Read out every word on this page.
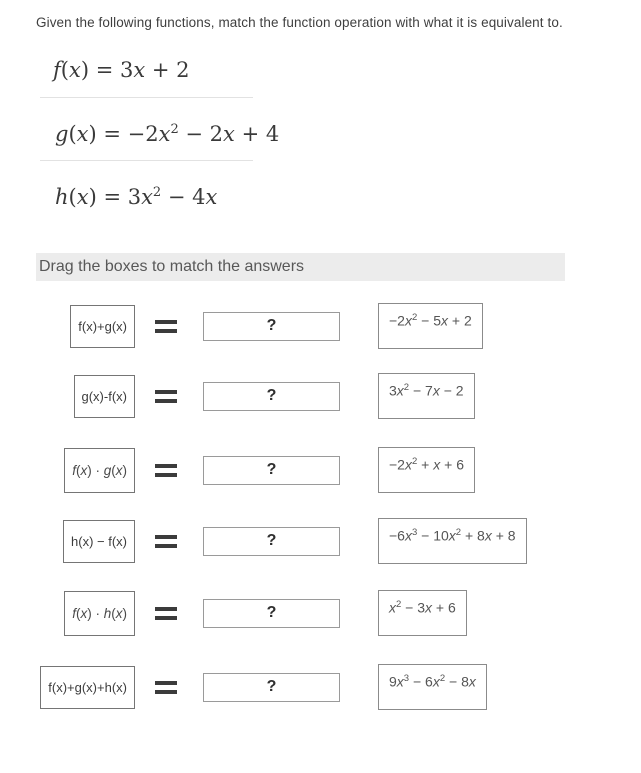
Given the following functions, match the function operation with what it is equivalent to.
f(x) = 3x + 2
$g(x) = -2x^2 - 2x + 4$
$h(x) = 3x^2 - 4x$
Drag the boxes to match the answers
f(x)+g(x)	?	$-2x^2 - 5x + 2$
g(x)-f(x)	?	$3x^2 - 7x - 2$
f(x) · g(x)	?	$-2x^2 + x + 6$
h(x) − f(x)	?	$-6x^3 - 10x^2 + 8x + 8$
f(x) · h(x)	?	$x^2 - 3x + 6$
f(x)+g(x)+h(x)	?	$9x^3 - 6x^2 - 8x$
